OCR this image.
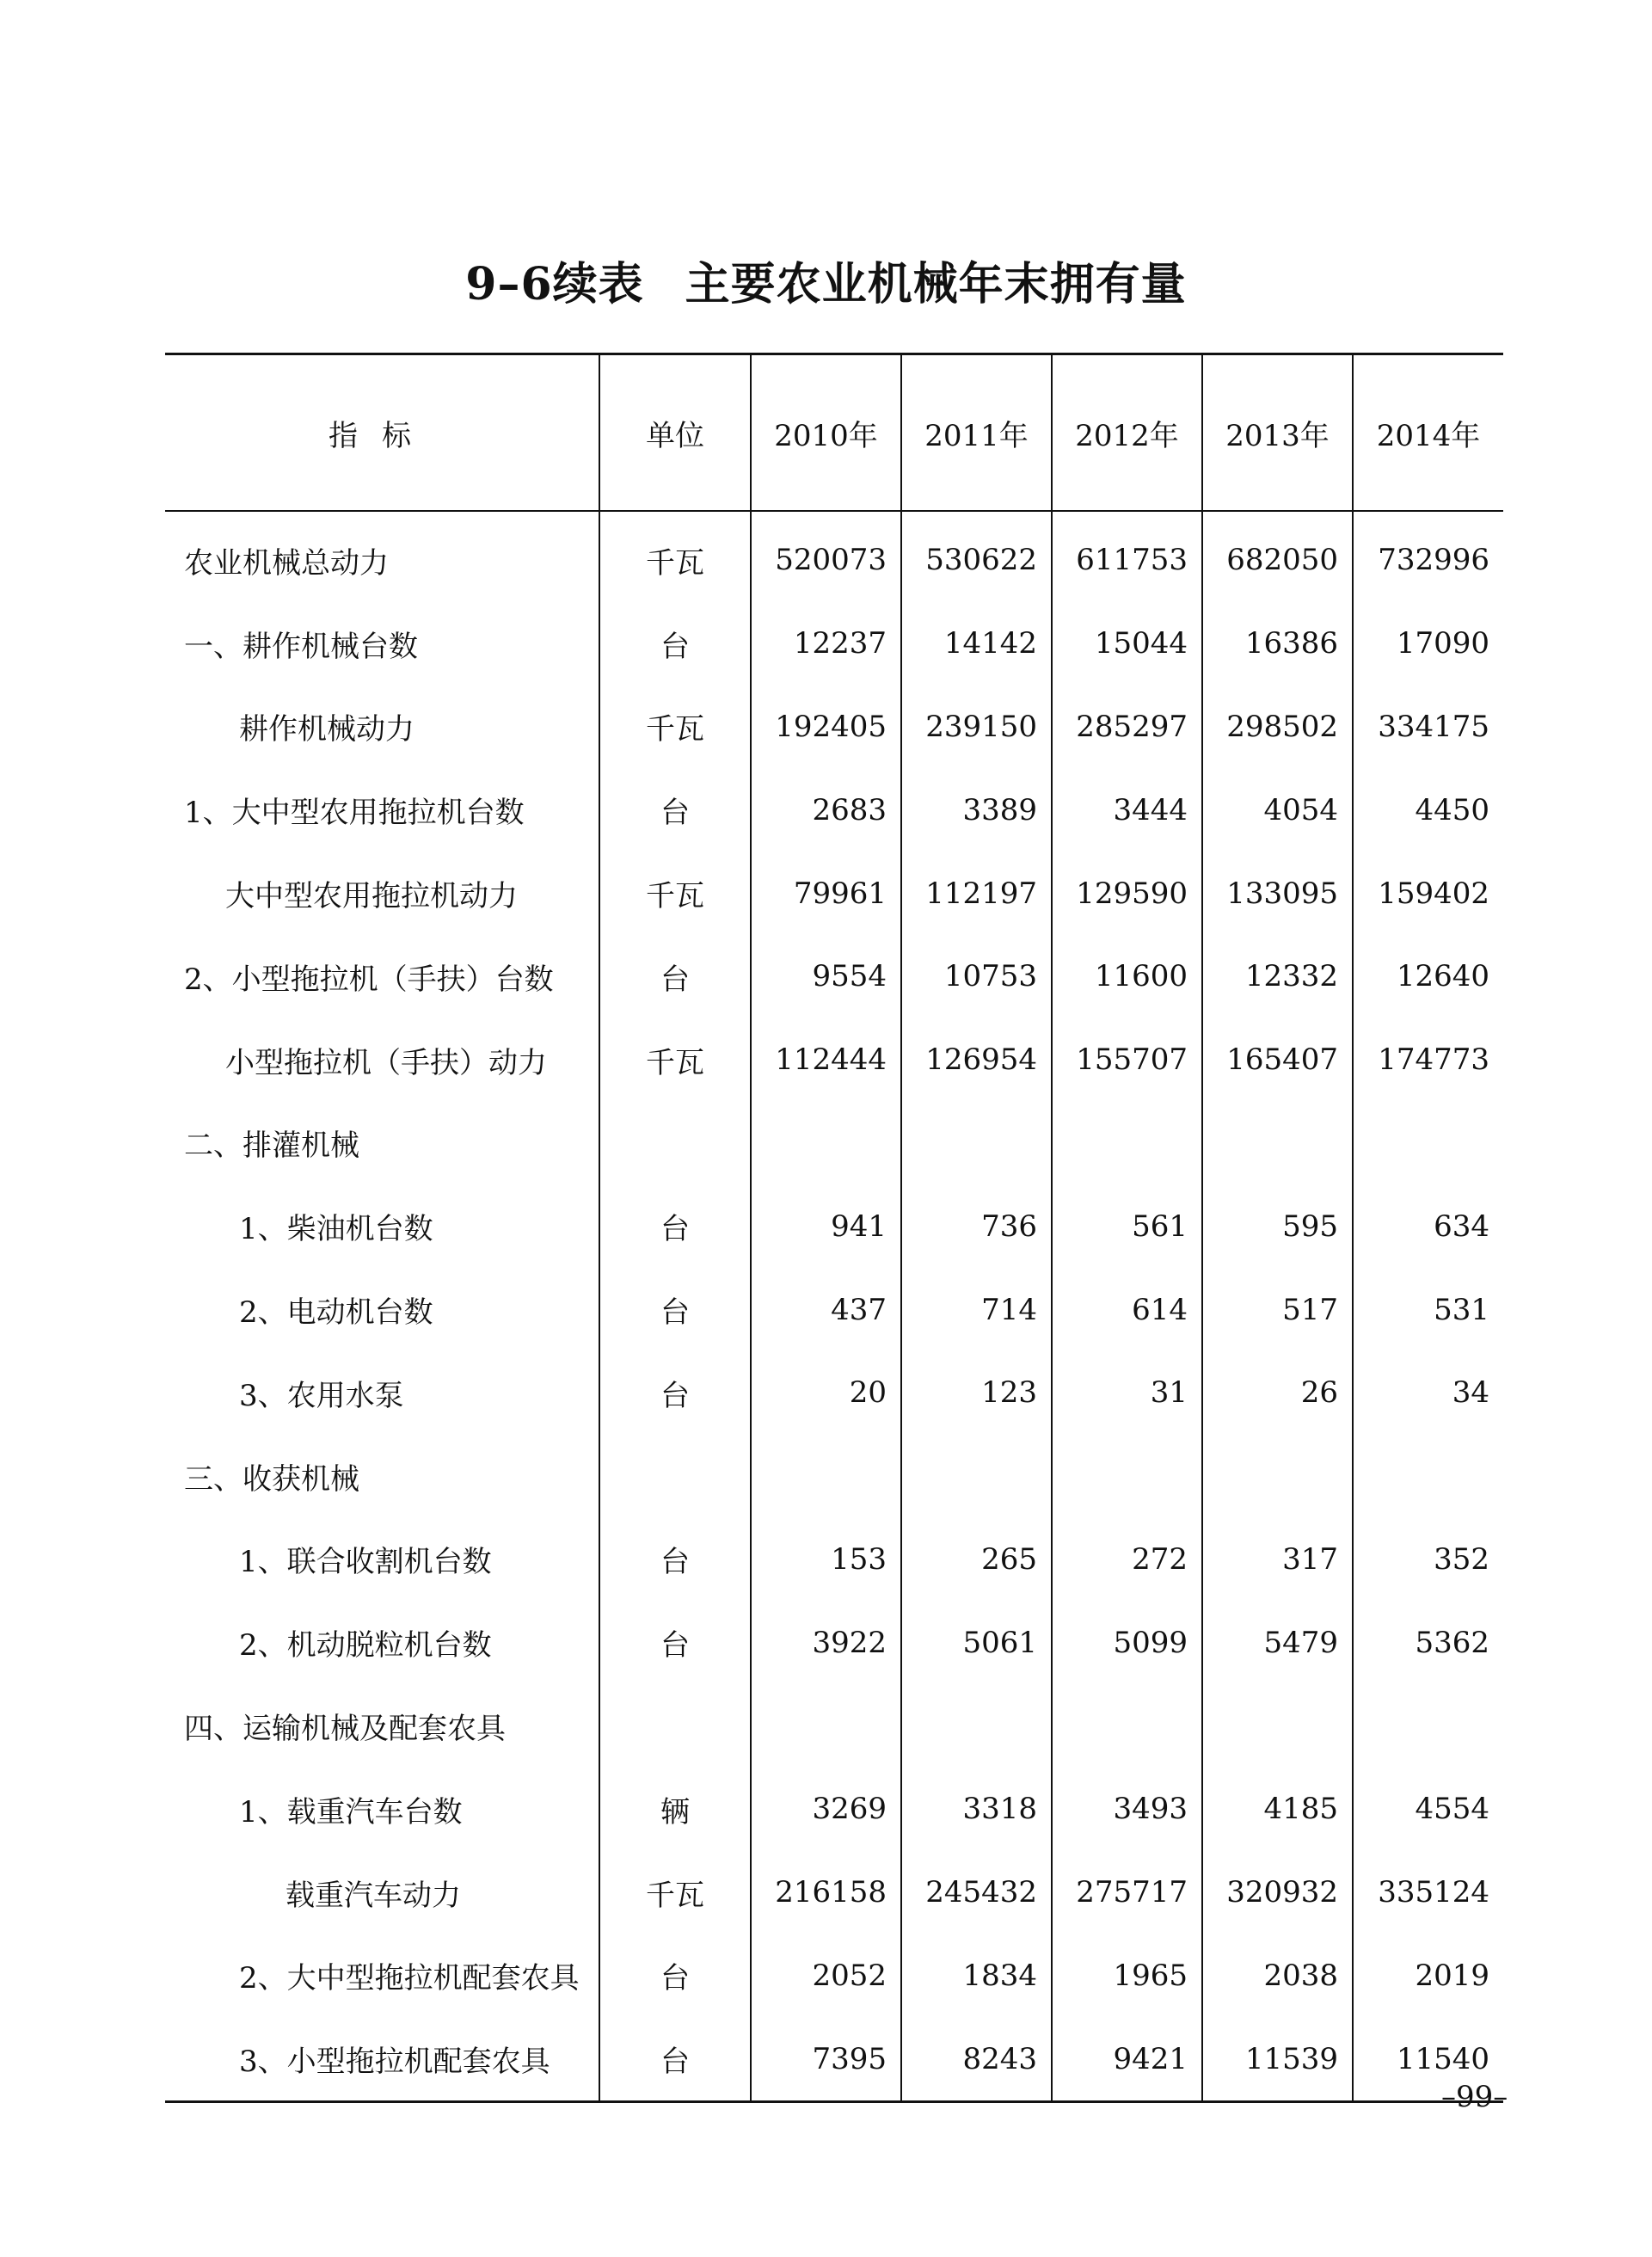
9–6续表 主要农业机械年末拥有量
指标	单位	2010年	2011年	2012年	2013年	2014年
农业机械总动力	千瓦	520073	530622	611753	682050	732996
一、耕作机械台数	台	12237	14142	15044	16386	17090
耕作机械动力	千瓦	192405	239150	285297	298502	334175
1、大中型农用拖拉机台数	台	2683	3389	3444	4054	4450
大中型农用拖拉机动力	千瓦	79961	112197	129590	133095	159402
2、小型拖拉机（手扶）台数	台	9554	10753	11600	12332	12640
小型拖拉机（手扶）动力	千瓦	112444	126954	155707	165407	174773
二、排灌机械						
1、柴油机台数	台	941	736	561	595	634
2、电动机台数	台	437	714	614	517	531
3、农用水泵	台	20	123	31	26	34
三、收获机械						
1、联合收割机台数	台	153	265	272	317	352
2、机动脱粒机台数	台	3922	5061	5099	5479	5362
四、运输机械及配套农具						
1、载重汽车台数	辆	3269	3318	3493	4185	4554
载重汽车动力	千瓦	216158	245432	275717	320932	335124
2、大中型拖拉机配套农具	台	2052	1834	1965	2038	2019
3、小型拖拉机配套农具	台	7395	8243	9421	11539	11540
–99–
